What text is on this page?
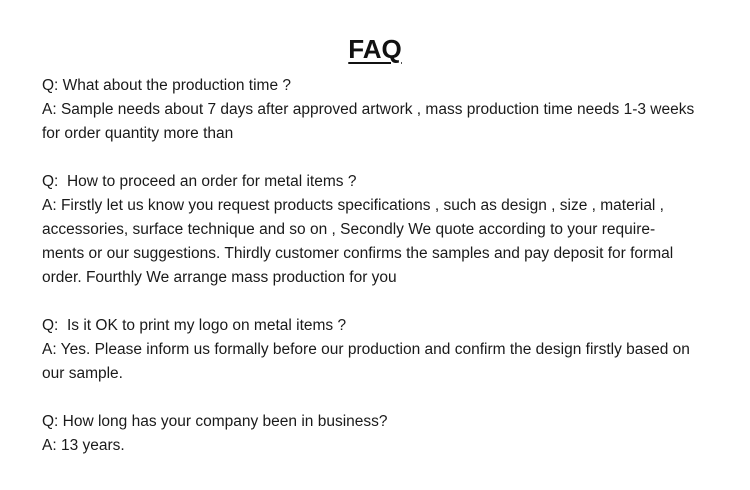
FAQ

Q: What about the production time ?

A: Sample needs about 7 days after approved artwork , mass production time needs 1-3 weeks
for order quantity more than

Q:  How to proceed an order for metal items ?

A: Firstly let us know you request products specifications , such as design , size , material ,
accessories, surface technique and so on , Secondly We quote according to your require-
ments or our suggestions. Thirdly customer confirms the samples and pay deposit for formal
order. Fourthly We arrange mass production for you

Q:  Is it OK to print my logo on metal items ?

A: Yes. Please inform us formally before our production and confirm the design firstly based on
our sample.

Q: How long has your company been in business?

A: 13 years.
